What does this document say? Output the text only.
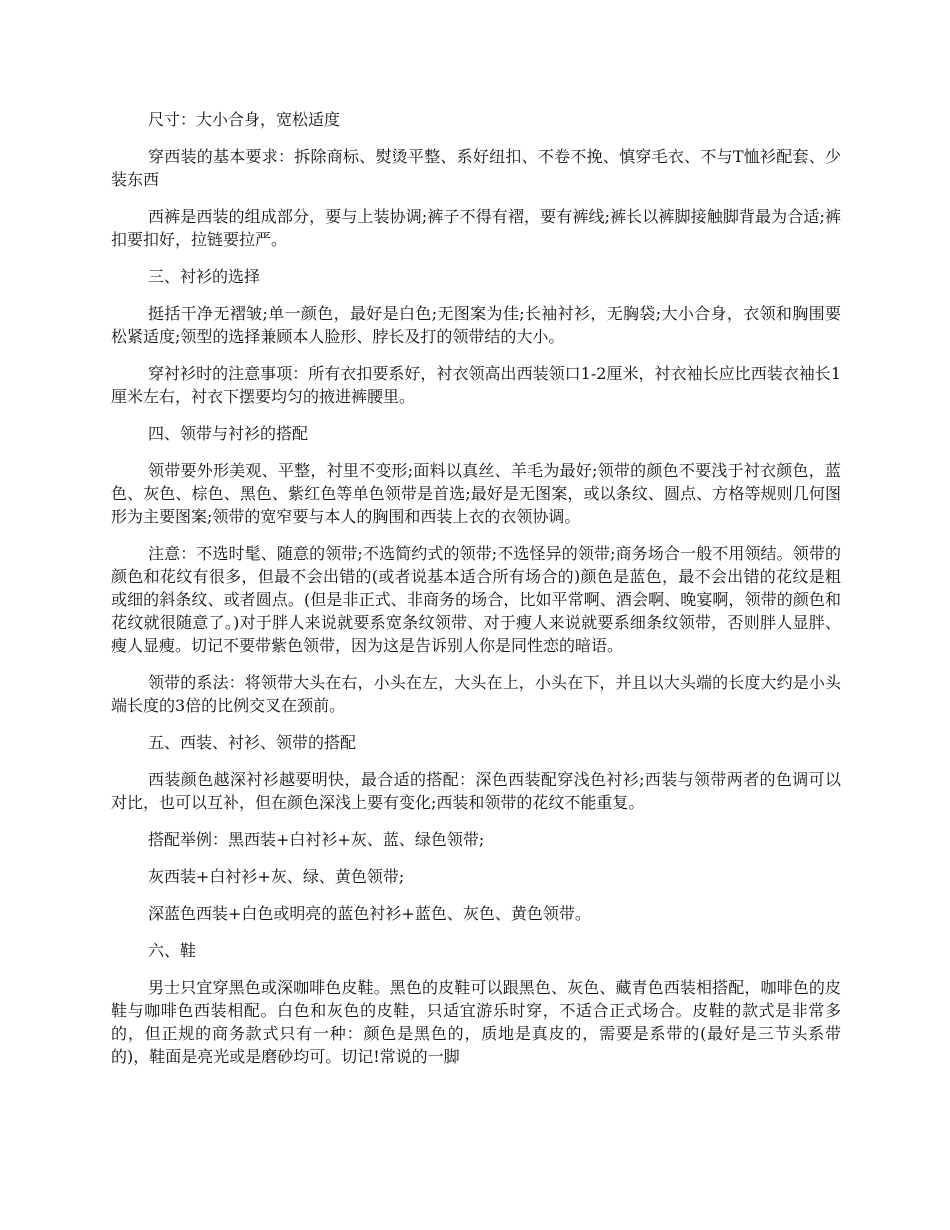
尺寸：大小合身，宽松适度

穿西装的基本要求：拆除商标、熨烫平整、系好纽扣、不卷不挽、慎穿毛衣、不与T恤衫配套、少装东西

西裤是西装的组成部分，要与上装协调;裤子不得有褶，要有裤线;裤长以裤脚接触脚背最为合适;裤扣要扣好，拉链要拉严。

三、衬衫的选择

挺括干净无褶皱;单一颜色，最好是白色;无图案为佳;长袖衬衫，无胸袋;大小合身，衣领和胸围要松紧适度;领型的选择兼顾本人脸形、脖长及打的领带结的大小。

穿衬衫时的注意事项：所有衣扣要系好，衬衣领高出西装领口1-2厘米，衬衣袖长应比西装衣袖长1厘米左右，衬衣下摆要均匀的掖进裤腰里。

四、领带与衬衫的搭配

领带要外形美观、平整，衬里不变形;面料以真丝、羊毛为最好;领带的颜色不要浅于衬衣颜色，蓝色、灰色、棕色、黑色、紫红色等单色领带是首选;最好是无图案，或以条纹、圆点、方格等规则几何图形为主要图案;领带的宽窄要与本人的胸围和西装上衣的衣领协调。

注意：不选时髦、随意的领带;不选简约式的领带;不选怪异的领带;商务场合一般不用领结。领带的颜色和花纹有很多，但最不会出错的(或者说基本适合所有场合的)颜色是蓝色，最不会出错的花纹是粗或细的斜条纹、或者圆点。(但是非正式、非商务的场合，比如平常啊、酒会啊、晚宴啊，领带的颜色和花纹就很随意了。)对于胖人来说就要系宽条纹领带、对于瘦人来说就要系细条纹领带，否则胖人显胖、瘦人显瘦。切记不要带紫色领带，因为这是告诉别人你是同性恋的暗语。

领带的系法：将领带大头在右，小头在左，大头在上，小头在下，并且以大头端的长度大约是小头端长度的3倍的比例交叉在颈前。

五、西装、衬衫、领带的搭配

西装颜色越深衬衫越要明快，最合适的搭配：深色西装配穿浅色衬衫;西装与领带两者的色调可以对比，也可以互补，但在颜色深浅上要有变化;西装和领带的花纹不能重复。

搭配举例：黑西装+白衬衫+灰、蓝、绿色领带;

灰西装+白衬衫+灰、绿、黄色领带;

深蓝色西装+白色或明亮的蓝色衬衫+蓝色、灰色、黄色领带。

六、鞋

男士只宜穿黑色或深咖啡色皮鞋。黑色的皮鞋可以跟黑色、灰色、藏青色西装相搭配，咖啡色的皮鞋与咖啡色西装相配。白色和灰色的皮鞋，只适宜游乐时穿，不适合正式场合。皮鞋的款式是非常多的，但正规的商务款式只有一种：颜色是黑色的，质地是真皮的，需要是系带的(最好是三节头系带的)，鞋面是亮光或是磨砂均可。切记!常说的一脚
